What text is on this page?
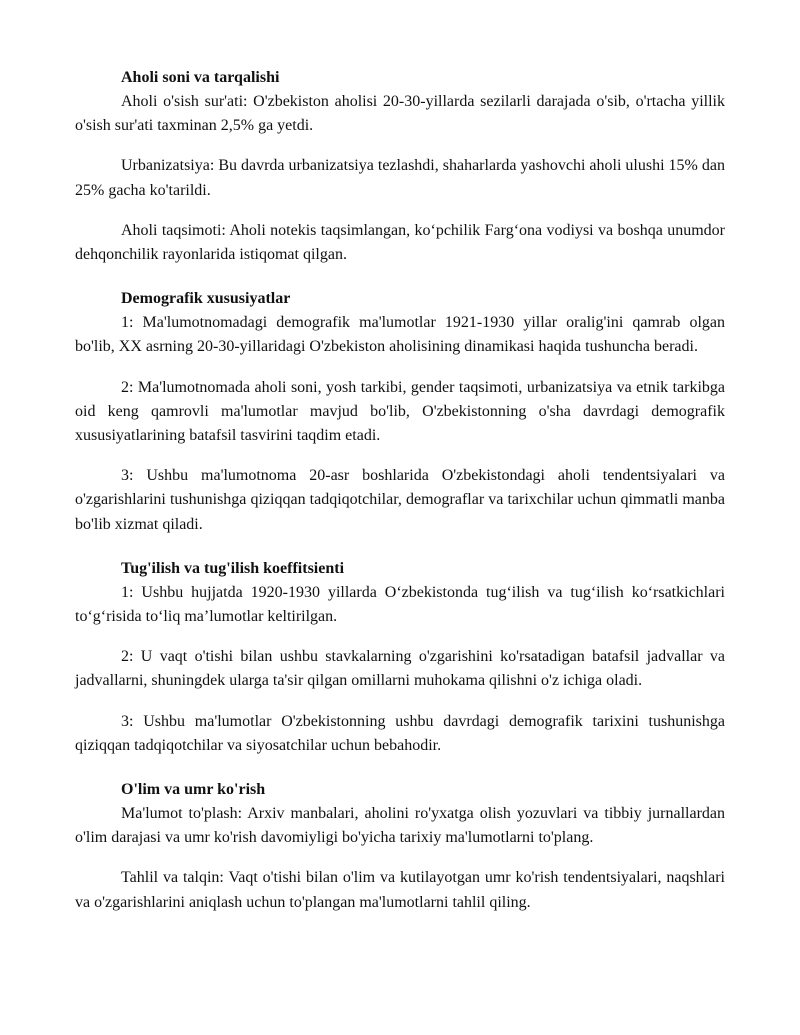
Aholi soni va tarqalishi

Aholi o'sish sur'ati: O'zbekiston aholisi 20-30-yillarda sezilarli darajada o'sib, o'rtacha yillik o'sish sur'ati taxminan 2,5% ga yetdi.

Urbanizatsiya: Bu davrda urbanizatsiya tezlashdi, shaharlarda yashovchi aholi ulushi 15% dan 25% gacha ko'tarildi.

Aholi taqsimoti: Aholi notekis taqsimlangan, ko‘pchilik Farg‘ona vodiysi va boshqa unumdor dehqonchilik rayonlarida istiqomat qilgan.

Demografik xususiyatlar

1: Ma'lumotnomadagi demografik ma'lumotlar 1921-1930 yillar oralig'ini qamrab olgan bo'lib, XX asrning 20-30-yillaridagi O'zbekiston aholisining dinamikasi haqida tushuncha beradi.

2: Ma'lumotnomada aholi soni, yosh tarkibi, gender taqsimoti, urbanizatsiya va etnik tarkibga oid keng qamrovli ma'lumotlar mavjud bo'lib, O'zbekistonning o'sha davrdagi demografik xususiyatlarining batafsil tasvirini taqdim etadi.

3: Ushbu ma'lumotnoma 20-asr boshlarida O'zbekistondagi aholi tendentsiyalari va o'zgarishlarini tushunishga qiziqqan tadqiqotchilar, demograflar va tarixchilar uchun qimmatli manba bo'lib xizmat qiladi.

Tug'ilish va tug'ilish koeffitsienti

1: Ushbu hujjatda 1920-1930 yillarda O‘zbekistonda tug‘ilish va tug‘ilish ko‘rsatkichlari to‘g‘risida to‘liq ma’lumotlar keltirilgan.

2: U vaqt o'tishi bilan ushbu stavkalarning o'zgarishini ko'rsatadigan batafsil jadvallar va jadvallarni, shuningdek ularga ta'sir qilgan omillarni muhokama qilishni o'z ichiga oladi.

3: Ushbu ma'lumotlar O'zbekistonning ushbu davrdagi demografik tarixini tushunishga qiziqqan tadqiqotchilar va siyosatchilar uchun bebahodir.

O'lim va umr ko'rish

Ma'lumot to'plash: Arxiv manbalari, aholini ro'yxatga olish yozuvlari va tibbiy jurnallardan o'lim darajasi va umr ko'rish davomiyligi bo'yicha tarixiy ma'lumotlarni to'plang.

Tahlil va talqin: Vaqt o'tishi bilan o'lim va kutilayotgan umr ko'rish tendentsiyalari, naqshlari va o'zgarishlarini aniqlash uchun to'plangan ma'lumotlarni tahlil qiling.
